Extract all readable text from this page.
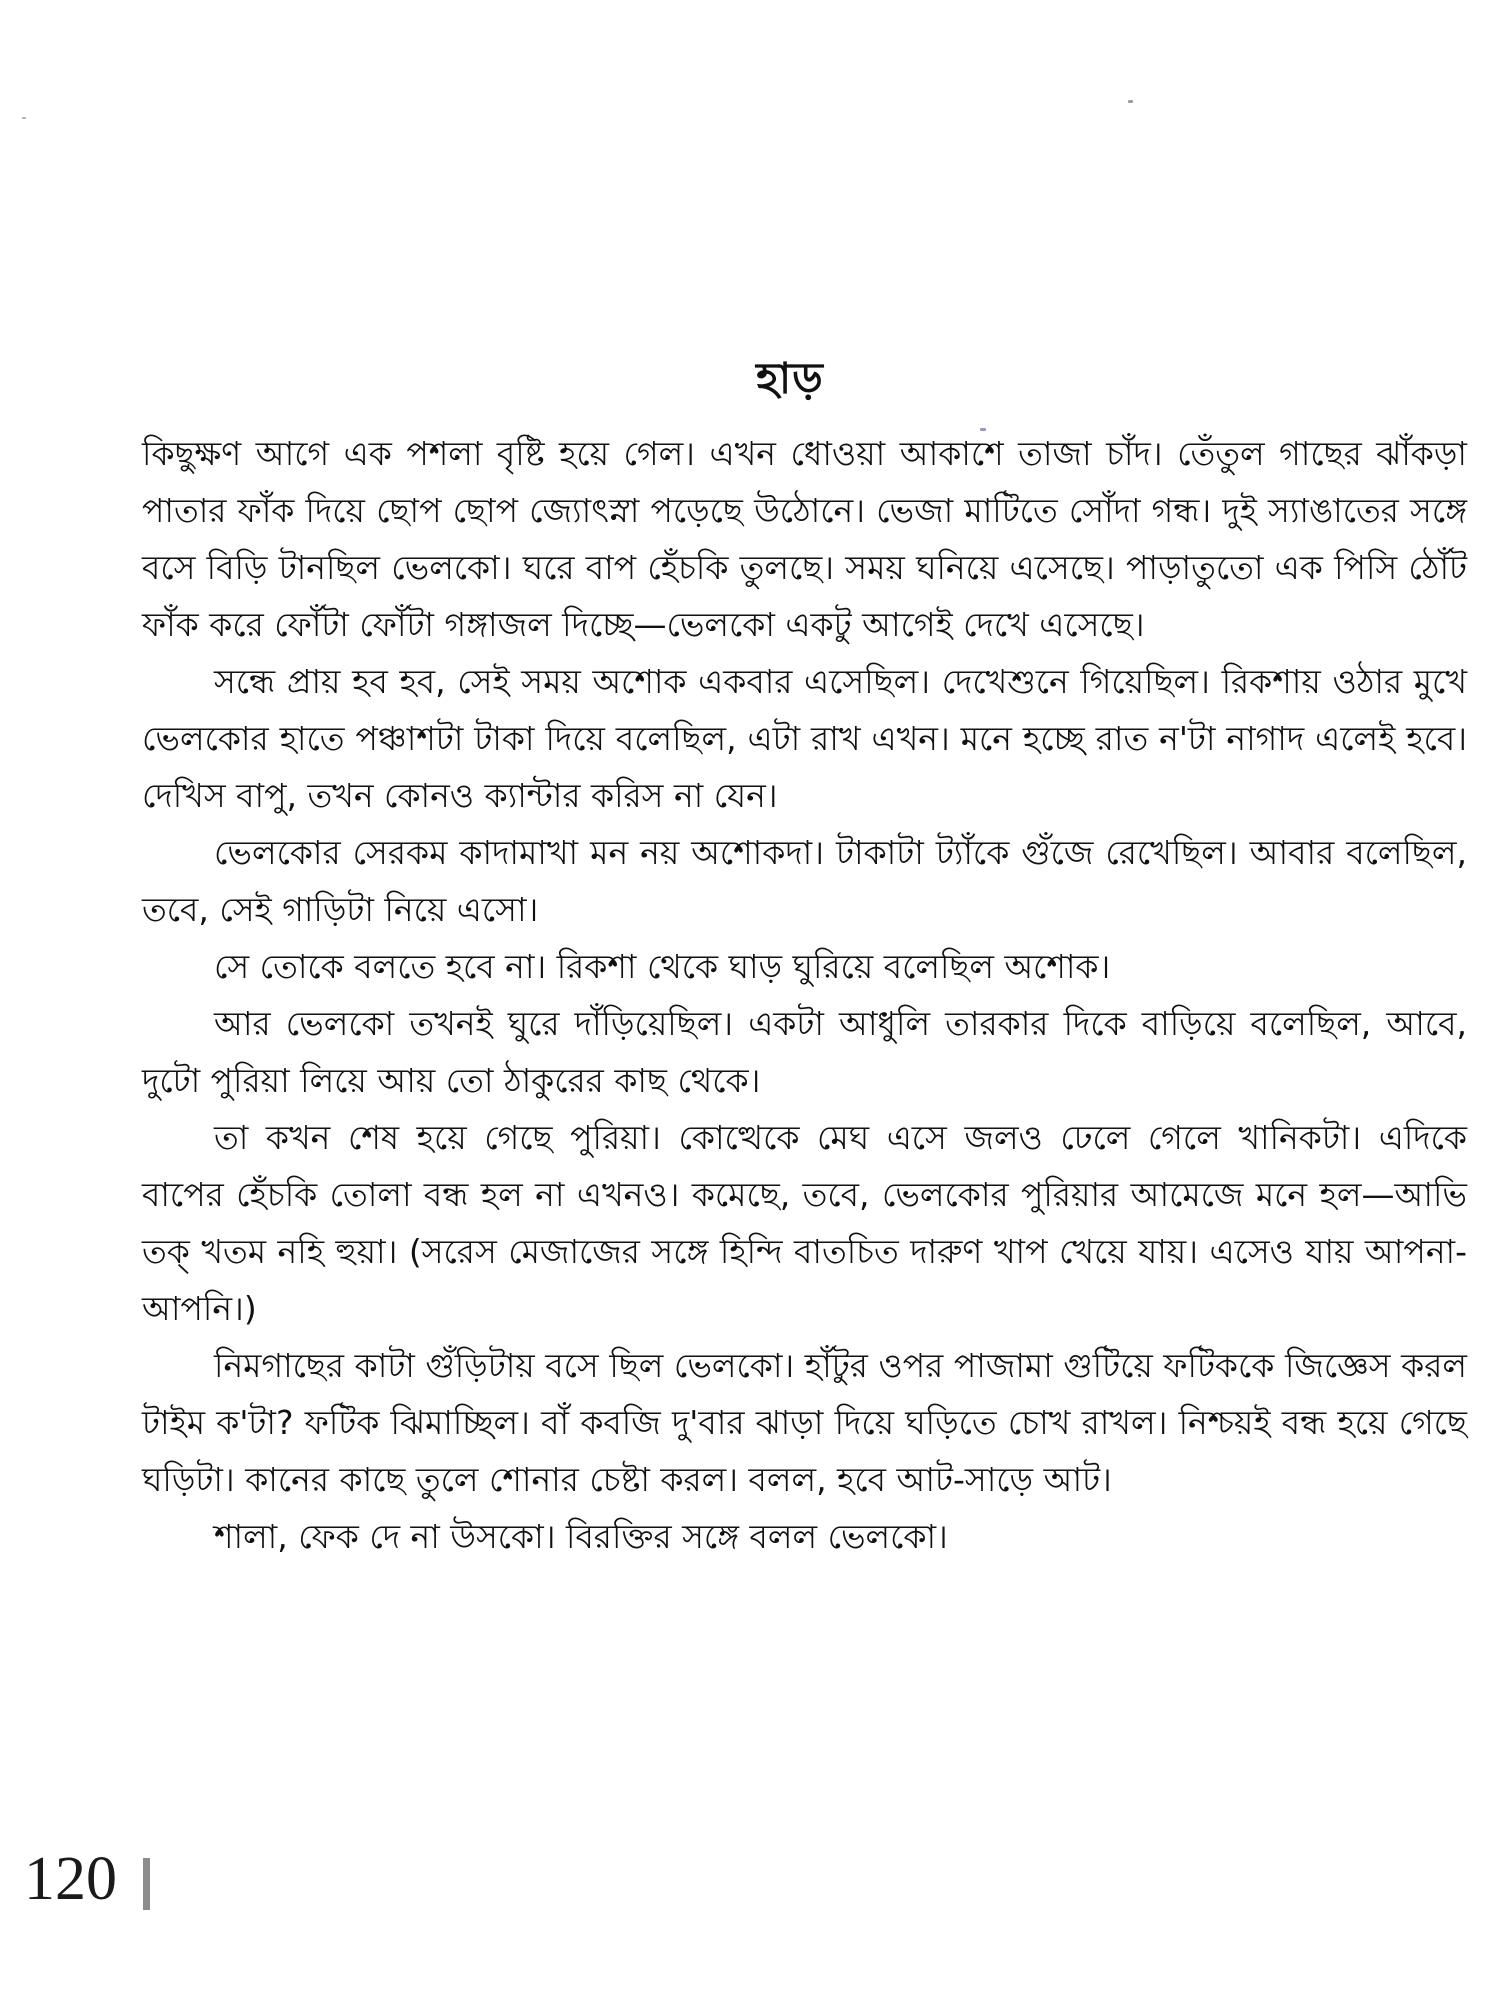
হাড়

কিছুক্ষণ আগে এক পশলা বৃষ্টি হয়ে গেল। এখন ধোওয়া আকাশে তাজা চাঁদ। তেঁতুল গাছের ঝাঁকড়া পাতার ফাঁক দিয়ে ছোপ ছোপ জ্যোৎস্না পড়েছে উঠোনে। ভেজা মাটিতে সোঁদা গন্ধ। দুই স্যাঙাতের সঙ্গে বসে বিড়ি টানছিল ভেলকো। ঘরে বাপ হেঁচকি তুলছে। সময় ঘনিয়ে এসেছে। পাড়াতুতো এক পিসি ঠোঁট ফাঁক করে ফোঁটা ফোঁটা গঙ্গাজল দিচ্ছে—ভেলকো একটু আগেই দেখে এসেছে।

সন্ধে প্রায় হব হব, সেই সময় অশোক একবার এসেছিল। দেখেশুনে গিয়েছিল। রিকশায় ওঠার মুখে ভেলকোর হাতে পঞ্চাশটা টাকা দিয়ে বলেছিল, এটা রাখ এখন। মনে হচ্ছে রাত ন'টা নাগাদ এলেই হবে। দেখিস বাপু, তখন কোনও ক্যান্টার করিস না যেন।

ভেলকোর সেরকম কাদামাখা মন নয় অশোকদা। টাকাটা ট্যাঁকে গুঁজে রেখেছিল। আবার বলেছিল, তবে, সেই গাড়িটা নিয়ে এসো।

সে তোকে বলতে হবে না। রিকশা থেকে ঘাড় ঘুরিয়ে বলেছিল অশোক।

আর ভেলকো তখনই ঘুরে দাঁড়িয়েছিল। একটা আধুলি তারকার দিকে বাড়িয়ে বলেছিল, আবে, দুটো পুরিয়া লিয়ে আয় তো ঠাকুরের কাছ থেকে।

তা কখন শেষ হয়ে গেছে পুরিয়া। কোত্থেকে মেঘ এসে জলও ঢেলে গেলে খানিকটা। এদিকে বাপের হেঁচকি তোলা বন্ধ হল না এখনও। কমেছে, তবে, ভেলকোর পুরিয়ার আমেজে মনে হল—আভি তক্ খতম নহি হুয়া। (সরেস মেজাজের সঙ্গে হিন্দি বাতচিত দারুণ খাপ খেয়ে যায়। এসেও যায় আপনা-আপনি।)

নিমগাছের কাটা গুঁড়িটায় বসে ছিল ভেলকো। হাঁটুর ওপর পাজামা গুটিয়ে ফটিককে জিজ্ঞেস করল টাইম ক'টা? ফটিক ঝিমাচ্ছিল। বাঁ কবজি দু'বার ঝাড়া দিয়ে ঘড়িতে চোখ রাখল। নিশ্চয়ই বন্ধ হয়ে গেছে ঘড়িটা। কানের কাছে তুলে শোনার চেষ্টা করল। বলল, হবে আট-সাড়ে আট।

শালা, ফেক দে না উসকো। বিরক্তির সঙ্গে বলল ভেলকো।

120
